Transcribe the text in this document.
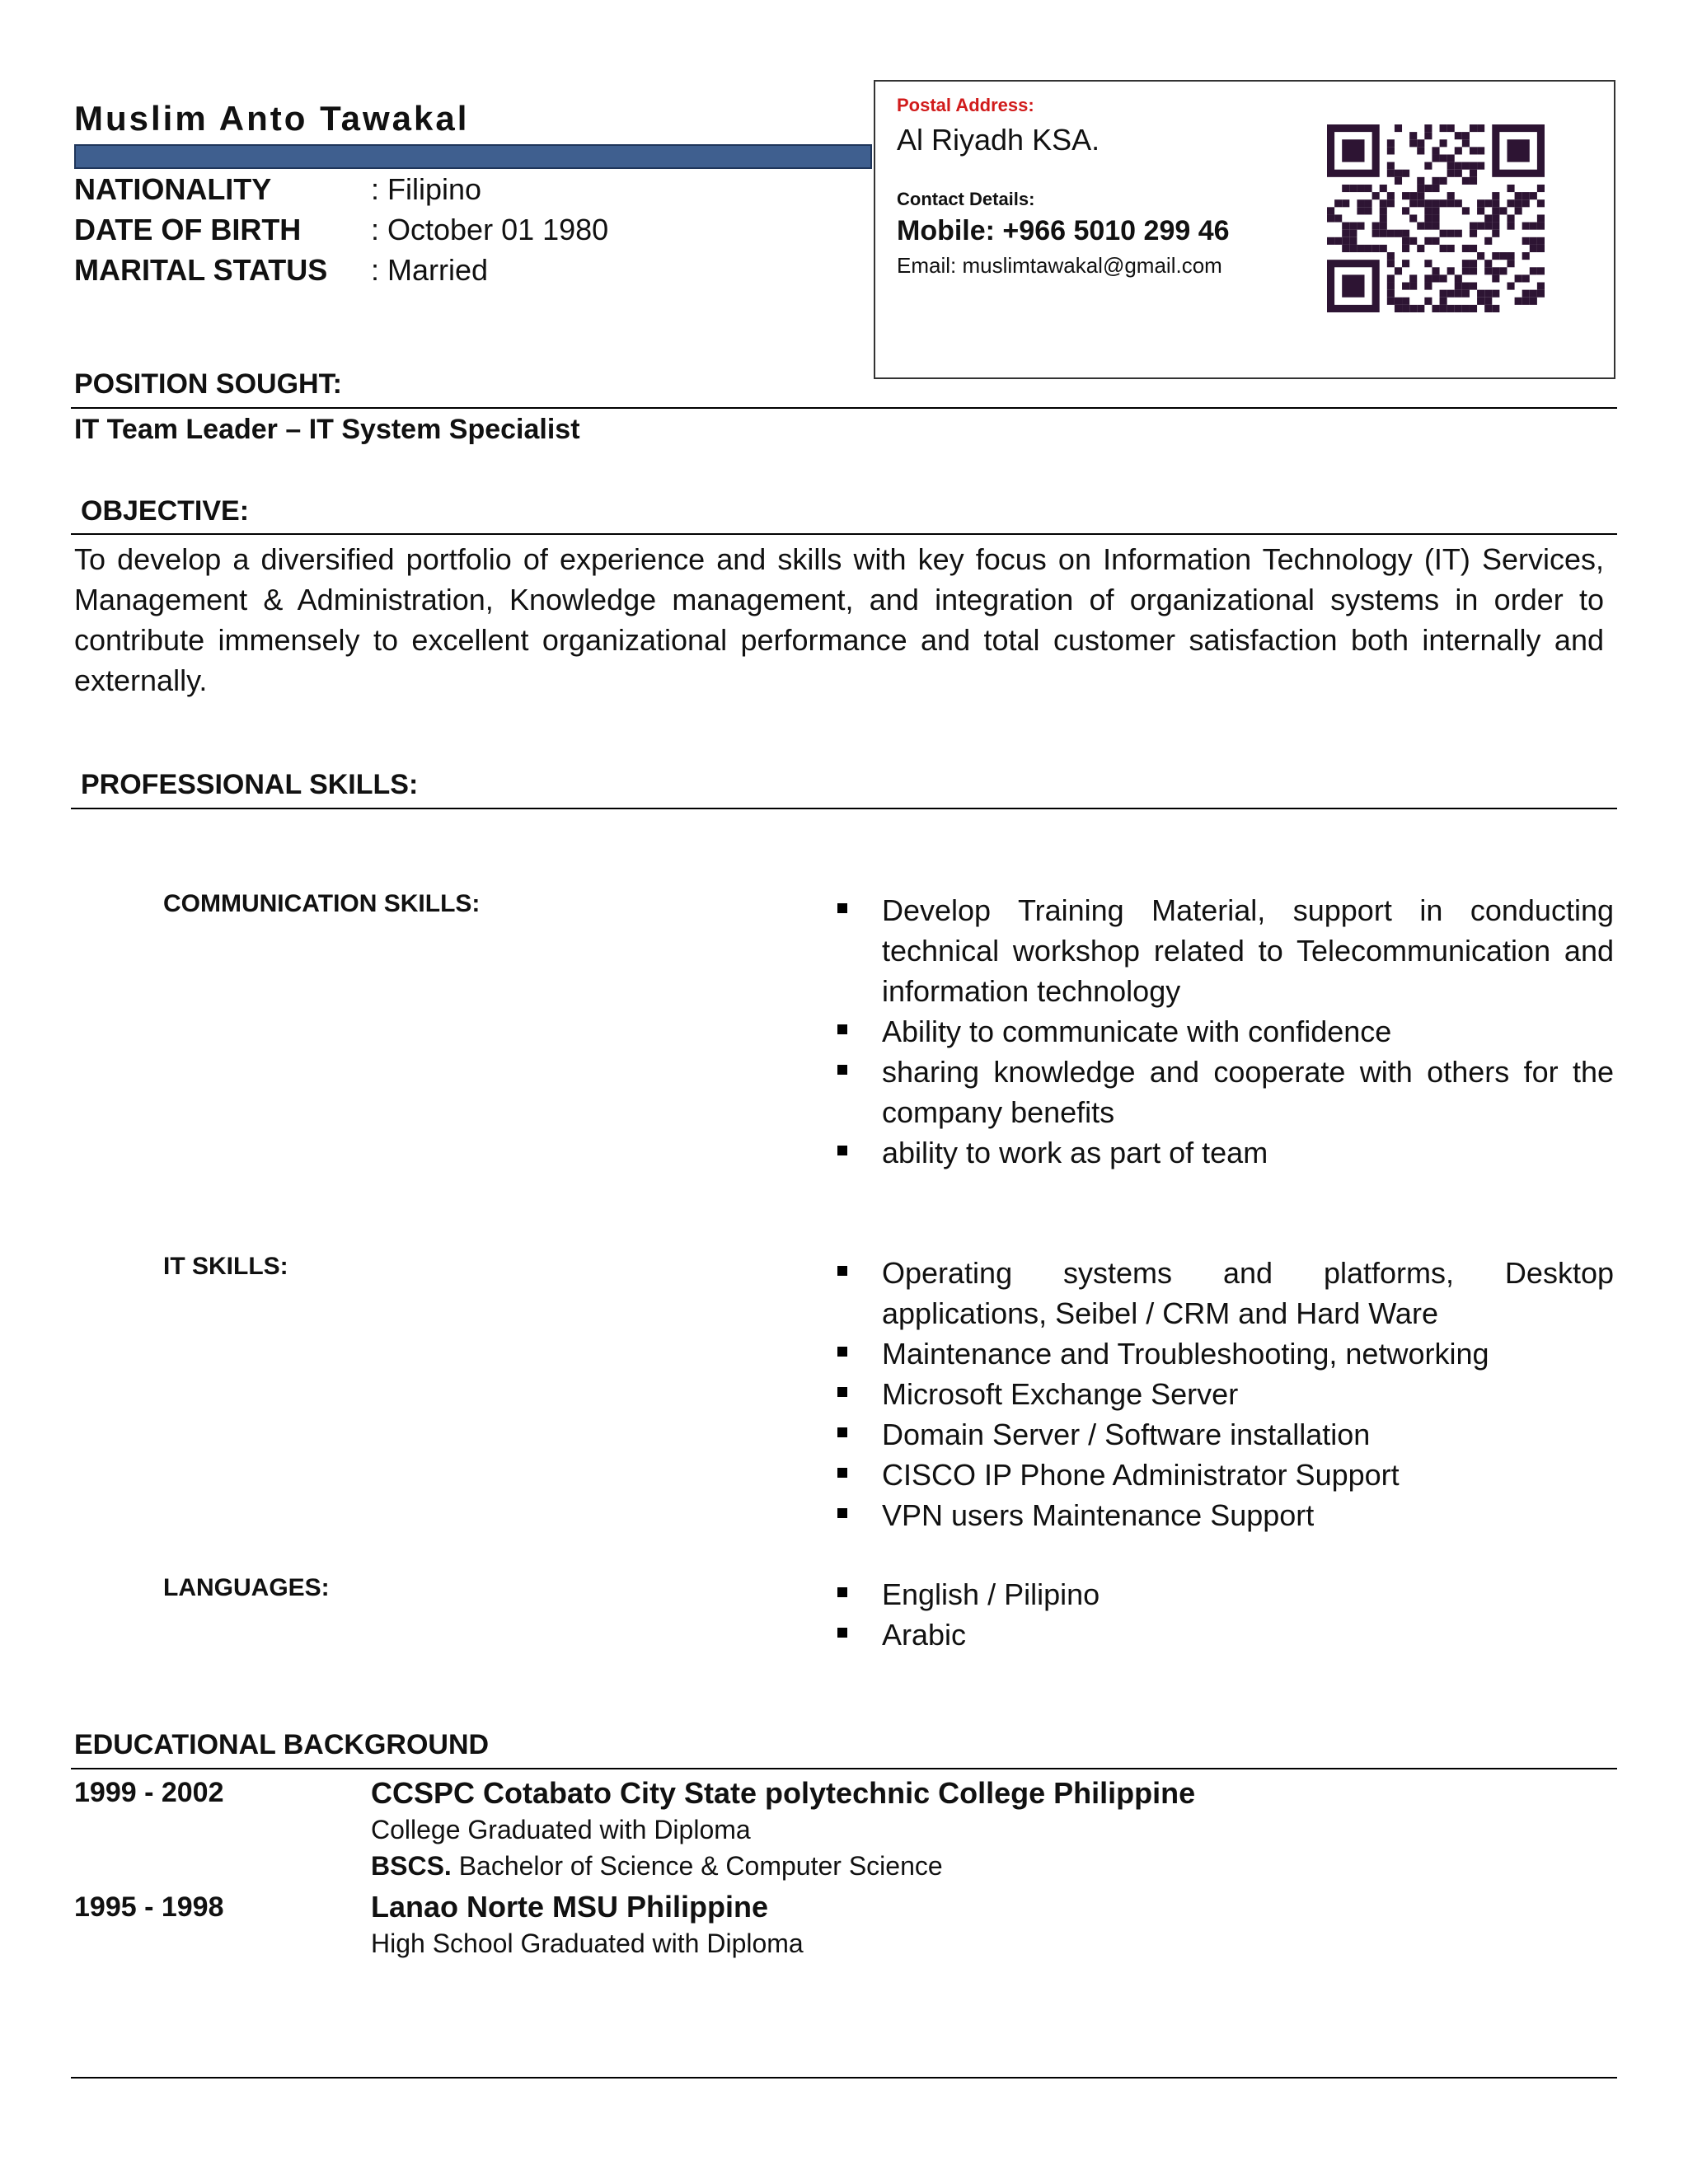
Muslim Anto Tawakal
NATIONALITY	: Filipino
DATE OF BIRTH	: October 01 1980
MARITAL STATUS	: Married
Postal Address:
Al Riyadh KSA.
Contact Details:
Mobile: +966 5010 299 46
Email: muslimtawakal@gmail.com
POSITION SOUGHT:
IT Team Leader – IT System Specialist
OBJECTIVE:
To develop a diversified portfolio of experience and skills with key focus on Information Technology (IT) Services, Management & Administration, Knowledge management, and integration of organizational systems in order to contribute immensely to excellent organizational performance and total customer satisfaction both internally and externally.
PROFESSIONAL SKILLS:
COMMUNICATION SKILLS:	Develop Training Material, support in conducting technical workshop related to Telecommunication and information technology
Ability to communicate with confidence
sharing knowledge and cooperate with others for the company benefits
ability to work as part of team
IT SKILLS:	Operating systems and platforms, Desktop applications, Seibel / CRM and Hard Ware
Maintenance and Troubleshooting, networking
Microsoft Exchange Server
Domain Server / Software installation
CISCO IP Phone Administrator Support
VPN users Maintenance Support
LANGUAGES:	English / Pilipino
Arabic
EDUCATIONAL BACKGROUND
1999 - 2002	CCSPC Cotabato City State polytechnic College Philippine
College Graduated with Diploma
BSCS. Bachelor of Science & Computer Science
1995 - 1998	Lanao Norte MSU Philippine
High School Graduated with Diploma
